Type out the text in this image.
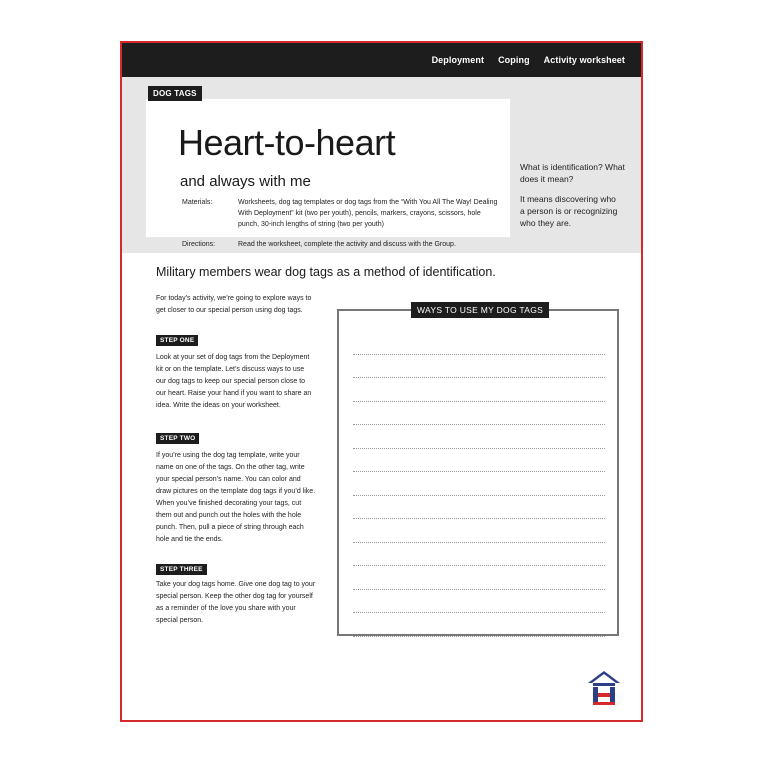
Deployment Coping Activity worksheet
Heart-to-heart
and always with me
Materials:	Worksheets, dog tag templates or dog tags from the “With You All The Way! Dealing With Deployment” kit (two per youth), pencils, markers, crayons, scissors, hole punch, 30-inch lengths of string (two per youth)
Directions:	Read the worksheet, complete the activity and discuss with the Group.
DOG TAGS
What is identification? What does it mean?
It means discovering who a person is or recognizing who they are.
Military members wear dog tags as a method of identification.
For today’s activity, we’re going to explore ways to get closer to our special person using dog tags.
STEP ONE
Look at your set of dog tags from the Deployment kit or on the template. Let’s discuss ways to use our dog tags to keep our special person close to our heart. Raise your hand if you want to share an idea. Write the ideas on your worksheet.
STEP TWO
If you’re using the dog tag template, write your name on one of the tags. On the other tag, write your special person’s name. You can color and draw pictures on the template dog tags if you’d like. When you’ve finished decorating your tags, cut them out and punch out the holes with the hole punch. Then, pull a piece of string through each hole and tie the ends.
STEP THREE
Take your dog tags home. Give one dog tag to your special person. Keep the other dog tag for yourself as a reminder of the love you share with your special person.
WAYS TO USE MY DOG TAGS
